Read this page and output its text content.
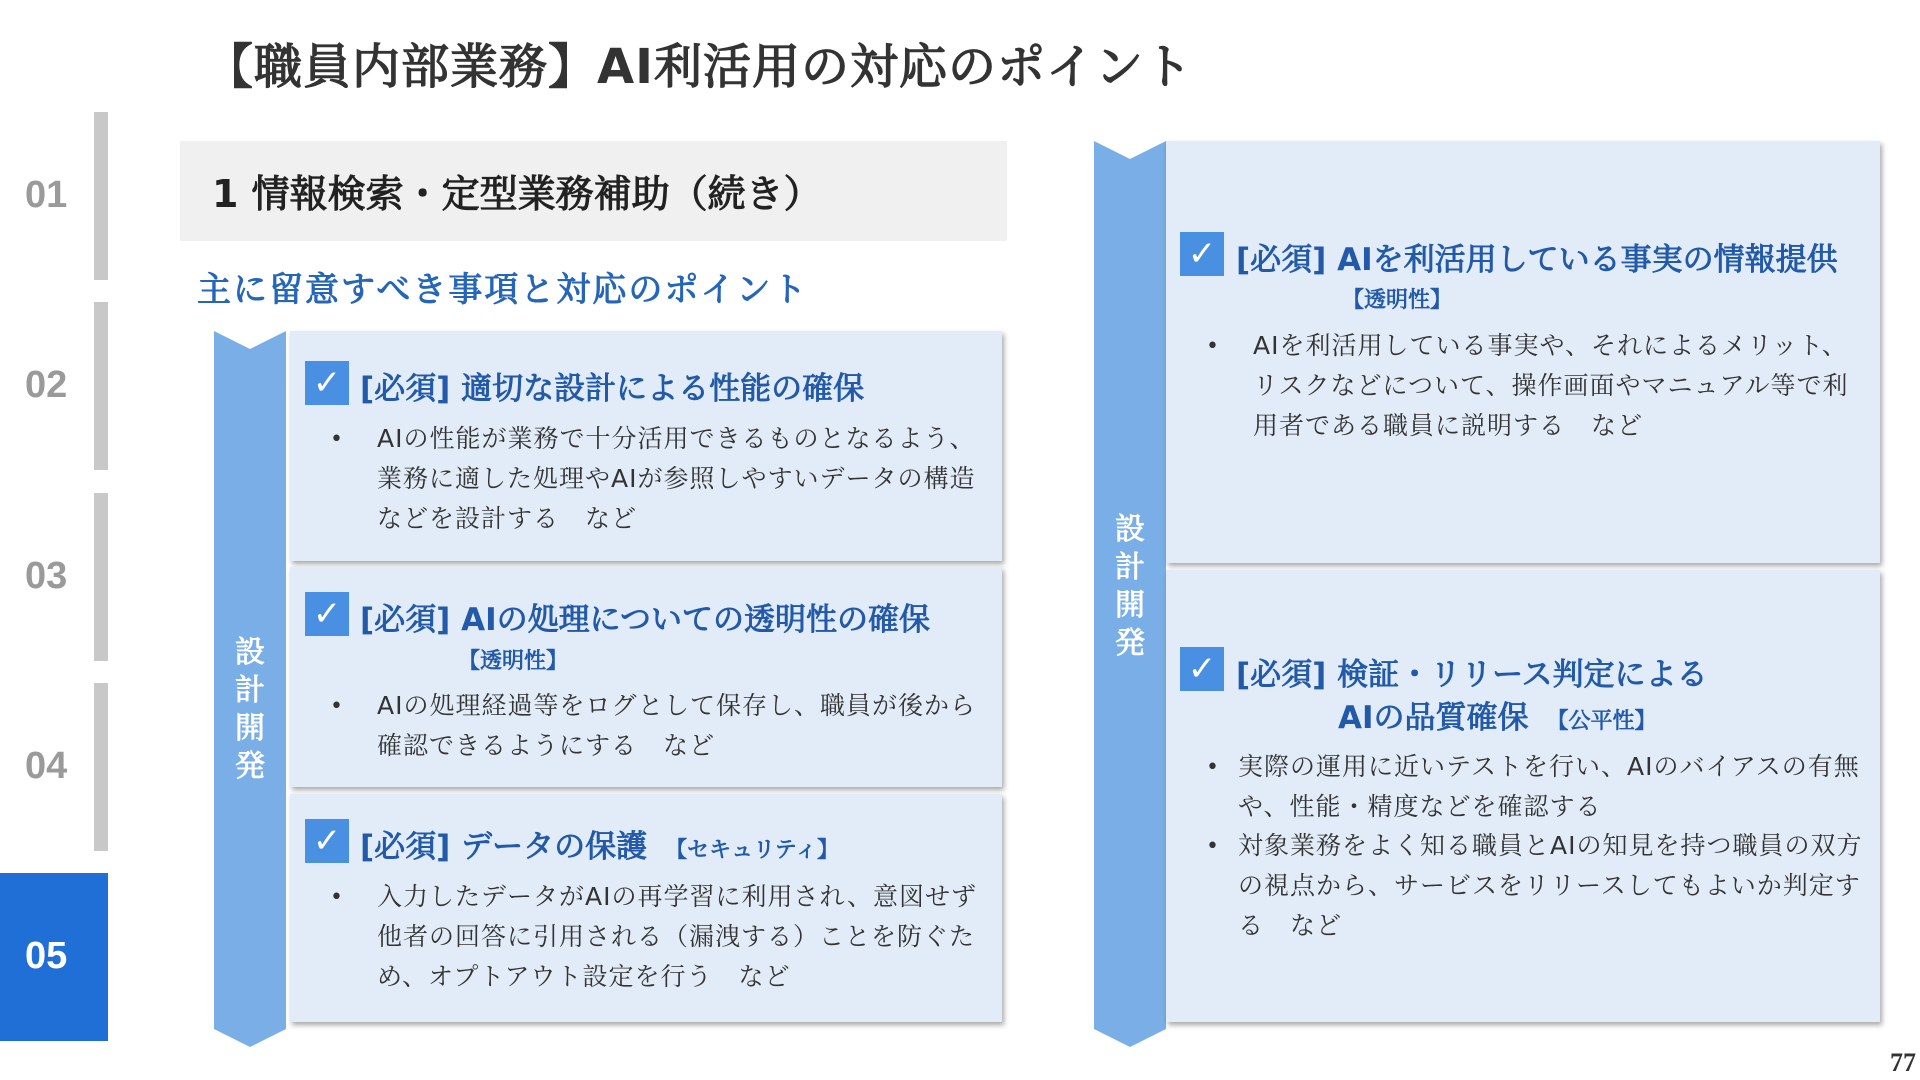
【職員内部業務】AI利活用の対応のポイント
01
02
03
04
05
1 情報検索・定型業務補助（続き）
主に留意すべき事項と対応のポイント
設
計
開
発
✓ [必須] 適切な設計による性能の確保
• AIの性能が業務で十分活用できるものとなるよう、業務に適した処理やAIが参照しやすいデータの構造などを設計する　など
✓ [必須] AIの処理についての透明性の確保
【透明性】
• AIの処理経過等をログとして保存し、職員が後から確認できるようにする　など
✓ [必須] データの保護 【セキュリティ】
• 入力したデータがAIの再学習に利用され、意図せず他者の回答に引用される（漏洩する）ことを防ぐため、オプトアウト設定を行う　など
設
計
開
発
✓ [必須] AIを利活用している事実の情報提供
【透明性】
• AIを利活用している事実や、それによるメリット、リスクなどについて、操作画面やマニュアル等で利用者である職員に説明する　など
✓ [必須] 検証・リリース判定による
AIの品質確保 【公平性】
• 実際の運用に近いテストを行い、AIのバイアスの有無や、性能・精度などを確認する
• 対象業務をよく知る職員とAIの知見を持つ職員の双方の視点から、サービスをリリースしてもよいか判定する　など
77
